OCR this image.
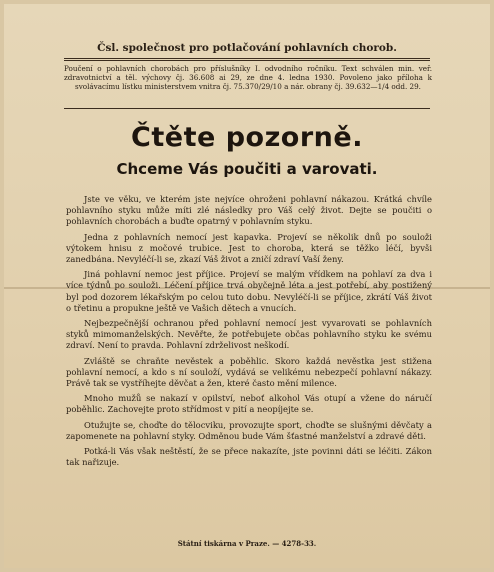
Čsl. společnost pro potlačování pohlavních chorob.
Poučení o pohlavních chorobách pro příslušníky I. odvodního ročníku. Text schválen min. veř. zdravotnictví a těl. výchovy čj. 36.608 ai 29, ze dne 4. ledna 1930. Povoleno jako příloha k svolávacímu lístku ministerstvem vnitra čj. 75.370/29/10 a nár. obrany čj. 39.632—1/4 odd. 29.
Čtěte pozorně.
Chceme Vás poučiti a varovati.

Jste ve věku, ve kterém jste nejvíce ohroženi pohlavní nákazou. Krátká chvíle pohlavního styku může míti zlé následky pro Váš celý život. Dejte se poučiti o pohlavních chorobách a buďte opatrný v pohlavním styku.

Jedna z pohlavních nemocí jest kapavka. Projeví se několik dnů po souloži výtokem hnisu z močové trubice. Jest to choroba, která se těžko léčí, byvši zanedbána. Nevyléčí-li se, zkazí Váš život a zničí zdraví Vaší ženy.

Jiná pohlavní nemoc jest příjice. Projeví se malým vřídkem na pohlaví za dva i více týdnů po souloži. Léčení příjice trvá obyčejně léta a jest potřebí, aby postižený byl pod dozorem lékařským po celou tuto dobu. Nevyléčí-li se příjice, zkrátí Váš život o třetinu a propukne ještě ve Vašich dětech a vnucích.

Nejbezpečnější ochranou před pohlavní nemocí jest vyvarovati se pohlavních styků mimomanželských. Nevěřte, že potřebujete občas pohlavního styku ke svému zdraví. Není to pravda. Pohlavní zdrželivost neškodí.

Zvláště se chraňte nevěstek a poběhlic. Skoro každá nevěstka jest stižena pohlavní nemocí, a kdo s ní souloží, vydává se velikému nebezpečí pohlavní nákazy. Právě tak se vystříhejte děvčat a žen, které často mění milence.

Mnoho mužů se nakazí v opilství, neboť alkohol Vás otupí a vžene do náručí poběhlic. Zachovejte proto střídmost v pití a neopíjejte se.

Otužujte se, choďte do tělocviku, provozujte sport, choďte se slušnými děvčaty a zapomenete na pohlavní styky. Odměnou bude Vám šťastné manželství a zdravé děti.

Potká-li Vás však neštěstí, že se přece nakazíte, jste povinni dáti se léčiti. Zákon tak nařizuje.

Státní tiskárna v Praze. — 4278-33.
